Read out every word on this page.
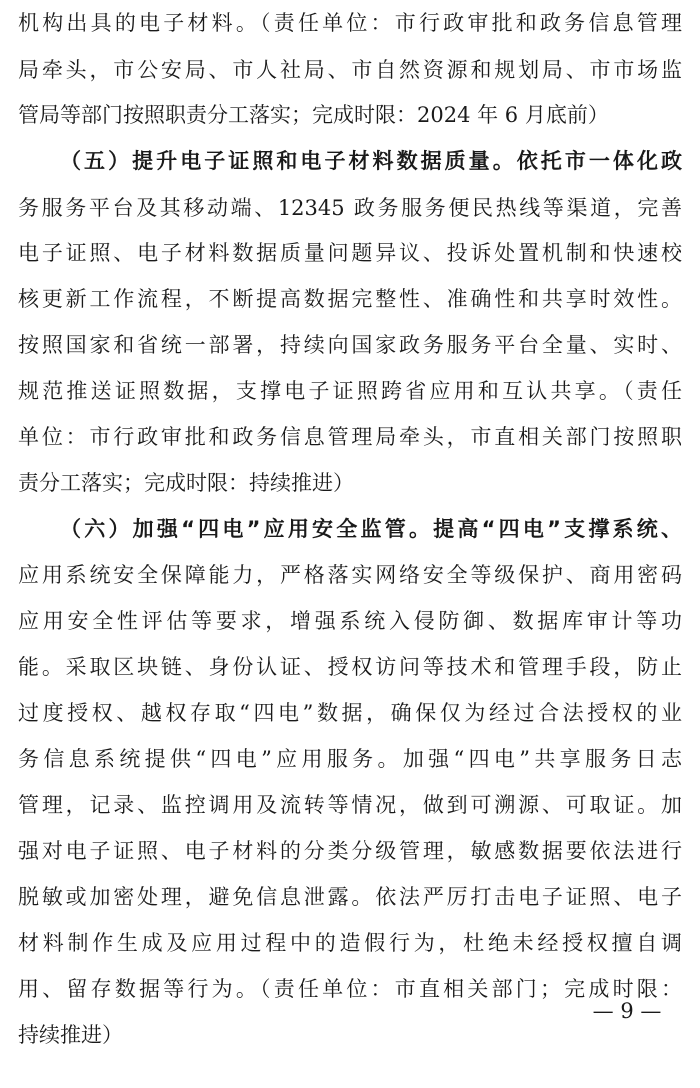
机构出具的电子材料。（责任单位：市行政审批和政务信息管理
局牵头，市公安局、市人社局、市自然资源和规划局、市市场监
管局等部门按照职责分工落实；完成时限：2024 年 6 月底前）
（五）提升电子证照和电子材料数据质量。依托市一体化政
务服务平台及其移动端、12345 政务服务便民热线等渠道，完善
电子证照、电子材料数据质量问题异议、投诉处置机制和快速校
核更新工作流程，不断提高数据完整性、准确性和共享时效性。
按照国家和省统一部署，持续向国家政务服务平台全量、实时、
规范推送证照数据，支撑电子证照跨省应用和互认共享。（责任
单位：市行政审批和政务信息管理局牵头，市直相关部门按照职
责分工落实；完成时限：持续推进）
（六）加强“四电”应用安全监管。提高“四电”支撑系统、
应用系统安全保障能力，严格落实网络安全等级保护、商用密码
应用安全性评估等要求，增强系统入侵防御、数据库审计等功
能。采取区块链、身份认证、授权访问等技术和管理手段，防止
过度授权、越权存取“四电”数据，确保仅为经过合法授权的业
务信息系统提供“四电”应用服务。加强“四电”共享服务日志
管理，记录、监控调用及流转等情况，做到可溯源、可取证。加
强对电子证照、电子材料的分类分级管理，敏感数据要依法进行
脱敏或加密处理，避免信息泄露。依法严厉打击电子证照、电子
材料制作生成及应用过程中的造假行为，杜绝未经授权擅自调
用、留存数据等行为。（责任单位：市直相关部门；完成时限：
持续推进）
— 9 —
